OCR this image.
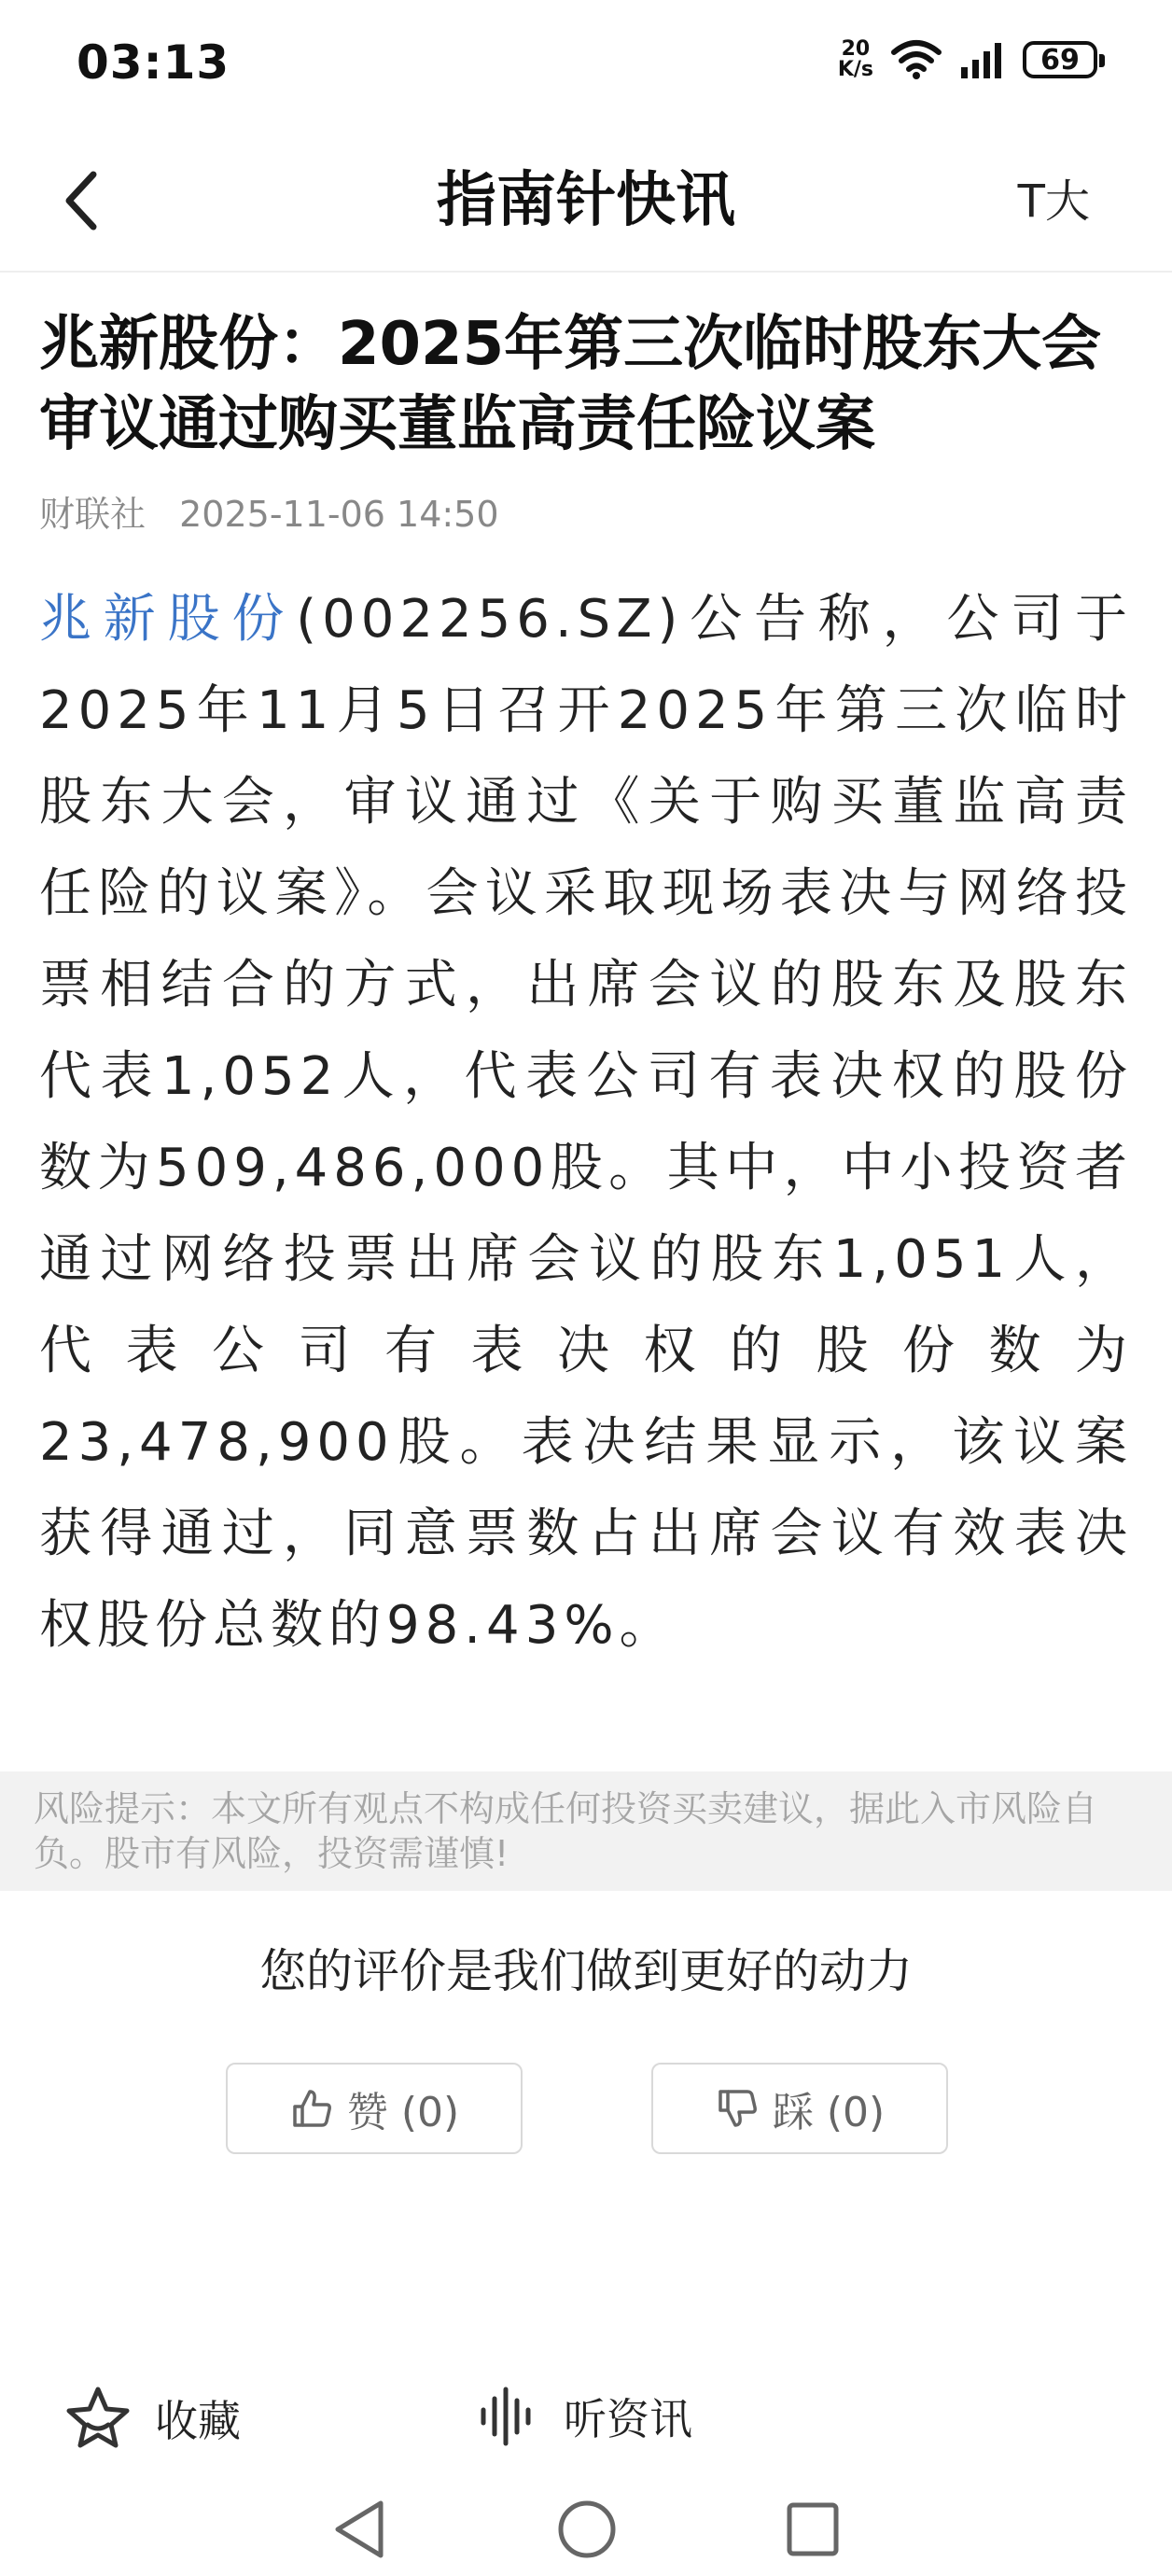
03:13	20
K/s	69
指南针快讯	T大
兆新股份：2025年第三次临时股东大会审议通过购买董监高责任险议案
财联社 2025-11-06 14:50
兆新股份(002256.SZ)公告称，公司于2025年11月5日召开2025年第三次临时股东大会，审议通过《关于购买董监高责任险的议案》。会议采取现场表决与网络投票相结合的方式，出席会议的股东及股东代表1,052人，代表公司有表决权的股份数为509,486,000股。其中，中小投资者通过网络投票出席会议的股东1,051人，代表公司有表决权的股份数为23,478,900股。表决结果显示，该议案获得通过，同意票数占出席会议有效表决权股份总数的98.43%。
风险提示：本文所有观点不构成任何投资买卖建议，据此入市风险自负。股市有风险，投资需谨慎!
您的评价是我们做到更好的动力
赞 (0)	踩 (0)
收藏	听资讯
